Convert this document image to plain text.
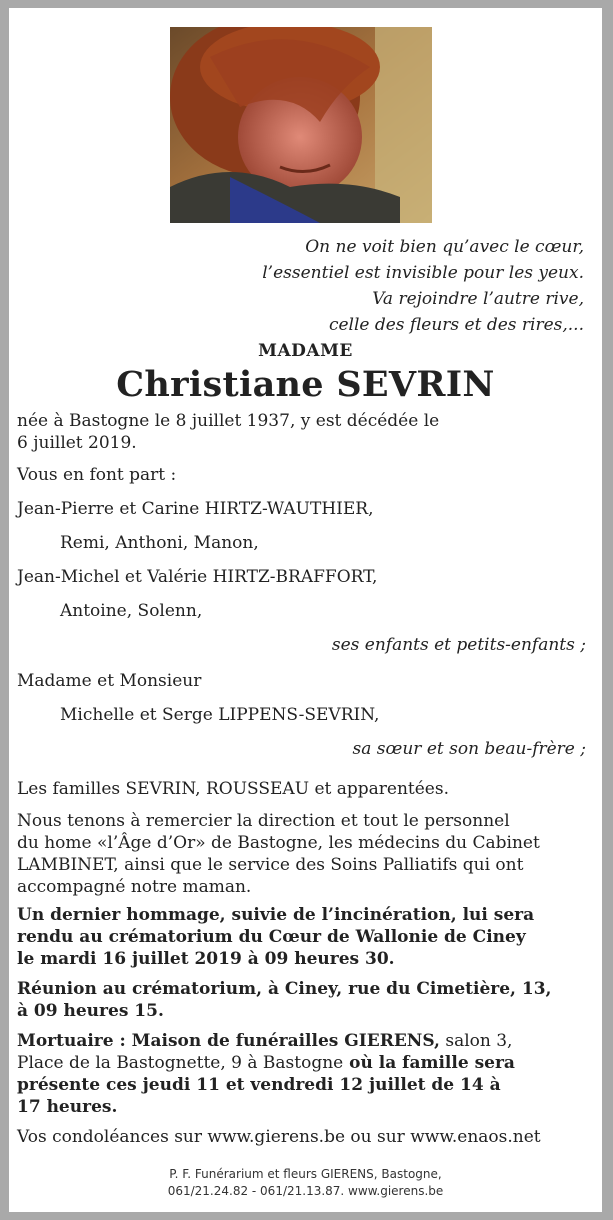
On ne voit bien qu’avec le cœur,
l’essentiel est invisible pour les yeux.
Va rejoindre l’autre rive,
celle des fleurs et des rires,...
MADAME
Christiane SEVRIN

née à Bastogne le 8 juillet 1937, y est décédée le

6 juillet 2019.

Vous en font part :

Jean-Pierre et Carine HIRTZ-WAUTHIER,

Remi, Anthoni, Manon,

Jean-Michel et Valérie HIRTZ-BRAFFORT,

Antoine, Solenn,

ses enfants et petits-enfants ;

Madame et Monsieur

Michelle et Serge LIPPENS-SEVRIN,

sa sœur et son beau-frère ;

Les familles SEVRIN, ROUSSEAU et apparentées.

Nous tenons à remercier la direction et tout le personnel

du home «l’Âge d’Or» de Bastogne, les médecins du Cabinet

LAMBINET, ainsi que le service des Soins Palliatifs qui ont

accompagné notre maman.

Un dernier hommage, suivie de l’incinération, lui sera

rendu au crématorium du Cœur de Wallonie de Ciney

le mardi 16 juillet 2019 à 09 heures 30.

Réunion au crématorium, à Ciney, rue du Cimetière, 13,

à 09 heures 15.

Mortuaire : Maison de funérailles GIERENS, salon 3,

Place de la Bastognette, 9 à Bastogne où la famille sera

présente ces jeudi 11 et vendredi 12 juillet de 14 à

17 heures.

Vos condoléances sur www.gierens.be ou sur www.enaos.net

P. F. Funérarium et fleurs GIERENS, Bastogne,
061/21.24.82 - 061/21.13.87. www.gierens.be
